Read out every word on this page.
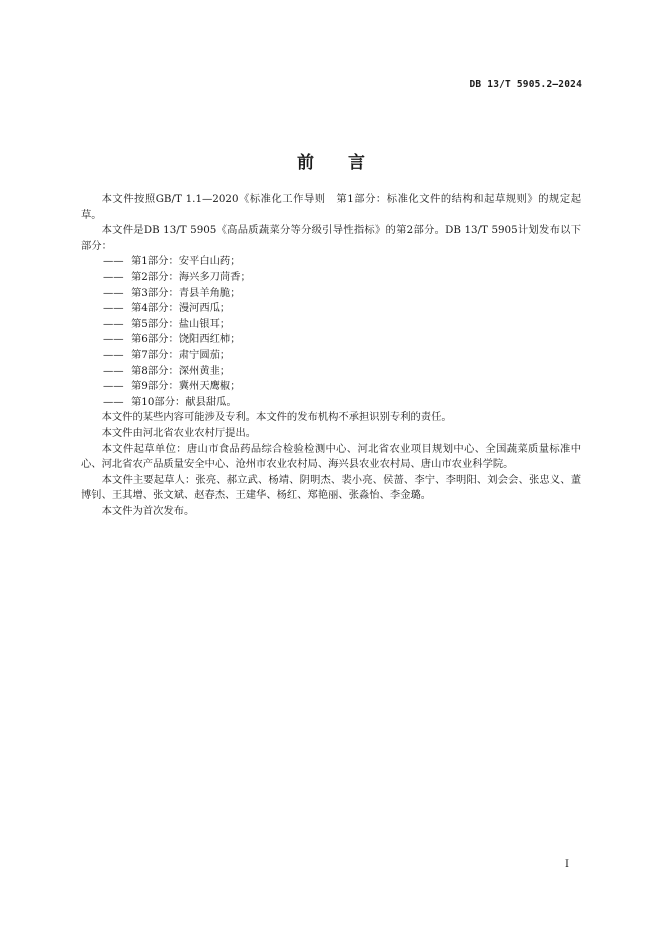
DB 13/T 5905.2—2024
前 言

本文件按照GB/T 1.1—2020《标准化工作导则　第1部分：标准化文件的结构和起草规则》的规定起草。

本文件是DB 13/T 5905《高品质蔬菜分等分级引导性指标》的第2部分。DB 13/T 5905计划发布以下部分：

—— 第1部分：安平白山药；

—— 第2部分：海兴多刀茼香；

—— 第3部分：青县羊角脆；

—— 第4部分：漫河西瓜；

—— 第5部分：盐山银耳；

—— 第6部分：饶阳西红柿；

—— 第7部分：肃宁圆茄；

—— 第8部分：深州黄韭；

—— 第9部分：冀州天鹰椒；

—— 第10部分：献县甜瓜。

本文件的某些内容可能涉及专利。本文件的发布机构不承担识别专利的责任。

本文件由河北省农业农村厅提出。

本文件起草单位：唐山市食品药品综合检验检测中心、河北省农业项目规划中心、全国蔬菜质量标准中心、河北省农产品质量安全中心、沧州市农业农村局、海兴县农业农村局、唐山市农业科学院。

本文件主要起草人：张亮、郝立武、杨靖、阴明杰、裴小亮、侯蔷、李宁、李明阳、刘会会、张忠义、董博钊、王其增、张文斌、赵春杰、王建华、杨红、郑艳丽、张淼怡、李金璐。

本文件为首次发布。

I
